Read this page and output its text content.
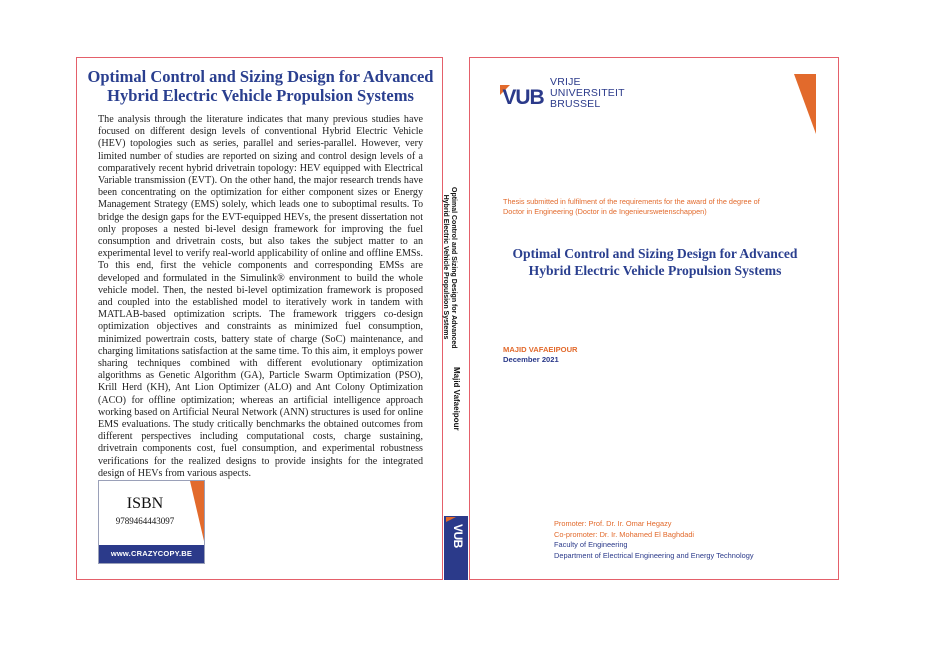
Optimal Control and Sizing Design for Advanced
Hybrid Electric Vehicle Propulsion Systems
The analysis through the literature indicates that many previous studies have focused on different design levels of conventional Hybrid Electric Vehicle (HEV) topologies such as series, parallel and series-parallel. However, very limited number of studies are reported on sizing and control design levels of a comparatively recent hybrid drivetrain topology: HEV equipped with Electrical Variable transmission (EVT). On the other hand, the major research trends have been concentrating on the optimization for either component sizes or Energy Management Strategy (EMS) solely, which leads one to suboptimal results. To bridge the design gaps for the EVT-equipped HEVs, the present dissertation not only proposes a nested bi-level design framework for improving the fuel consumption and drivetrain costs, but also takes the subject matter to an experimental level to verify real-world applicability of online and offline EMSs. To this end, first the vehicle components and corresponding EMSs are developed and formulated in the Simulink® environment to build the whole vehicle model. Then, the nested bi-level optimization framework is proposed and coupled into the established model to iteratively work in tandem with MATLAB-based optimization scripts. The framework triggers co-design optimization objectives and constraints as minimized fuel consumption, minimized powertrain costs, battery state of charge (SoC) maintenance, and charging limitations satisfaction at the same time. To this aim, it employs power sharing techniques combined with different evolutionary optimization algorithms as Genetic Algorithm (GA), Particle Swarm Optimization (PSO), Krill Herd (KH), Ant Lion Optimizer (ALO) and Ant Colony Optimization (ACO) for offline optimization; whereas an artificial intelligence approach working based on Artificial Neural Network (ANN) structures is used for online EMS evaluations. The study critically benchmarks the obtained outcomes from different perspectives including computational costs, charge sustaining, drivetrain components cost, fuel consumption, and experimental robustness verifications for the realized designs to provide insights for the integrated design of HEVs from various aspects.
ISBN
9789464443097
www.CRAZYCOPY.BE
Optimal Control and Sizing Design for Advanced
Hybrid Electric Vehicle Propulsion Systems
Majid Vafaeipour
VUB
VUB
VRIJE
UNIVERSITEIT
BRUSSEL
Thesis submitted in fulfilment of the requirements for the award of the degree of
Doctor in Engineering (Doctor in de Ingenieurswetenschappen)
Optimal Control and Sizing Design for Advanced
Hybrid Electric Vehicle Propulsion Systems
MAJID VAFAEIPOUR
December 2021
Promoter: Prof. Dr. Ir. Omar Hegazy
Co-promoter: Dr. Ir. Mohamed El Baghdadi
Faculty of Engineering
Department of Electrical Engineering and Energy Technology
